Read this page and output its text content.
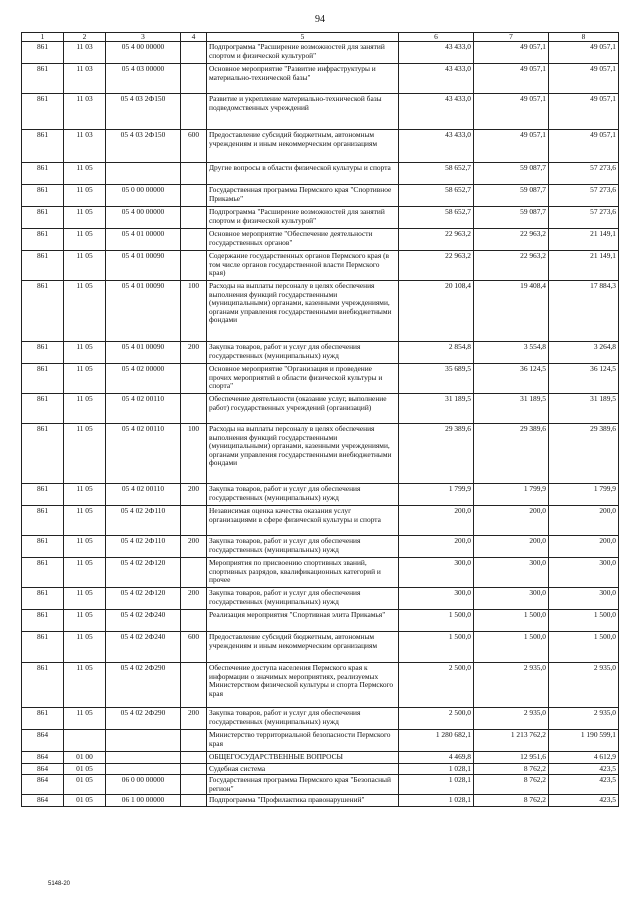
94
1	2	3	4	5	6	7	8
861	11 03	05 4 00 00000		Подпрограмма "Расширение возможностей для занятий спортом и физической культурой"	43 433,0	49 057,1	49 057,1
861	11 03	05 4 03 00000		Основное мероприятие "Развитие инфраструктуры и материально-технической базы"	43 433,0	49 057,1	49 057,1
861	11 03	05 4 03 2Ф150		Развитие и укрепление материально-технической базы подведомственных учреждений	43 433,0	49 057,1	49 057,1
861	11 03	05 4 03 2Ф150	600	Предоставление субсидий бюджетным, автономным учреждениям и иным некоммерческим организациям	43 433,0	49 057,1	49 057,1
861	11 05			Другие вопросы в области физической культуры и спорта	58 652,7	59 087,7	57 273,6
861	11 05	05 0 00 00000		Государственная программа Пермского края "Спортивное Прикамье"	58 652,7	59 087,7	57 273,6
861	11 05	05 4 00 00000		Подпрограмма "Расширение возможностей для занятий спортом и физической культурой"	58 652,7	59 087,7	57 273,6
861	11 05	05 4 01 00000		Основное мероприятие "Обеспечение деятельности государственных органов"	22 963,2	22 963,2	21 149,1
861	11 05	05 4 01 00090		Содержание государственных органов Пермского края (в том числе органов государственной власти Пермского края)	22 963,2	22 963,2	21 149,1
861	11 05	05 4 01 00090	100	Расходы на выплаты персоналу в целях обеспечения выполнения функций государственными (муниципальными) органами, казенными учреждениями, органами управления государственными внебюджетными фондами	20 108,4	19 408,4	17 884,3
861	11 05	05 4 01 00090	200	Закупка товаров, работ и услуг для обеспечения государственных (муниципальных) нужд	2 854,8	3 554,8	3 264,8
861	11 05	05 4 02 00000		Основное мероприятие "Организация и проведение прочих мероприятий в области физической культуры и спорта"	35 689,5	36 124,5	36 124,5
861	11 05	05 4 02 00110		Обеспечение деятельности (оказание услуг, выполнение работ) государственных учреждений (организаций)	31 189,5	31 189,5	31 189,5
861	11 05	05 4 02 00110	100	Расходы на выплаты персоналу в целях обеспечения выполнения функций государственными (муниципальными) органами, казенными учреждениями, органами управления государственными внебюджетными фондами	29 389,6	29 389,6	29 389,6
861	11 05	05 4 02 00110	200	Закупка товаров, работ и услуг для обеспечения государственных (муниципальных) нужд	1 799,9	1 799,9	1 799,9
861	11 05	05 4 02 2Ф110		Независимая оценка качества оказания услуг организациями в сфере физической культуры и спорта	200,0	200,0	200,0
861	11 05	05 4 02 2Ф110	200	Закупка товаров, работ и услуг для обеспечения государственных (муниципальных) нужд	200,0	200,0	200,0
861	11 05	05 4 02 2Ф120		Мероприятия по присвоению спортивных званий, спортивных разрядов, квалификационных категорий и прочее	300,0	300,0	300,0
861	11 05	05 4 02 2Ф120	200	Закупка товаров, работ и услуг для обеспечения государственных (муниципальных) нужд	300,0	300,0	300,0
861	11 05	05 4 02 2Ф240		Реализация мероприятия "Спортивная элита Прикамья"	1 500,0	1 500,0	1 500,0
861	11 05	05 4 02 2Ф240	600	Предоставление субсидий бюджетным, автономным учреждениям и иным некоммерческим организациям	1 500,0	1 500,0	1 500,0
861	11 05	05 4 02 2Ф290		Обеспечение доступа населения Пермского края к информации о значимых мероприятиях, реализуемых Министерством физической культуры и спорта Пермского края	2 500,0	2 935,0	2 935,0
861	11 05	05 4 02 2Ф290	200	Закупка товаров, работ и услуг для обеспечения государственных (муниципальных) нужд	2 500,0	2 935,0	2 935,0
864				Министерство территориальной безопасности Пермского края	1 280 682,1	1 213 762,2	1 190 599,1
864	01 00			ОБЩЕГОСУДАРСТВЕННЫЕ ВОПРОСЫ	4 469,8	12 951,6	4 612,9
864	01 05			Судебная система	1 028,1	8 762,2	423,5
864	01 05	06 0 00 00000		Государственная программа Пермского края "Безопасный регион"	1 028,1	8 762,2	423,5
864	01 05	06 1 00 00000		Подпрограмма "Профилактика правонарушений"	1 028,1	8 762,2	423,5
5148-20
